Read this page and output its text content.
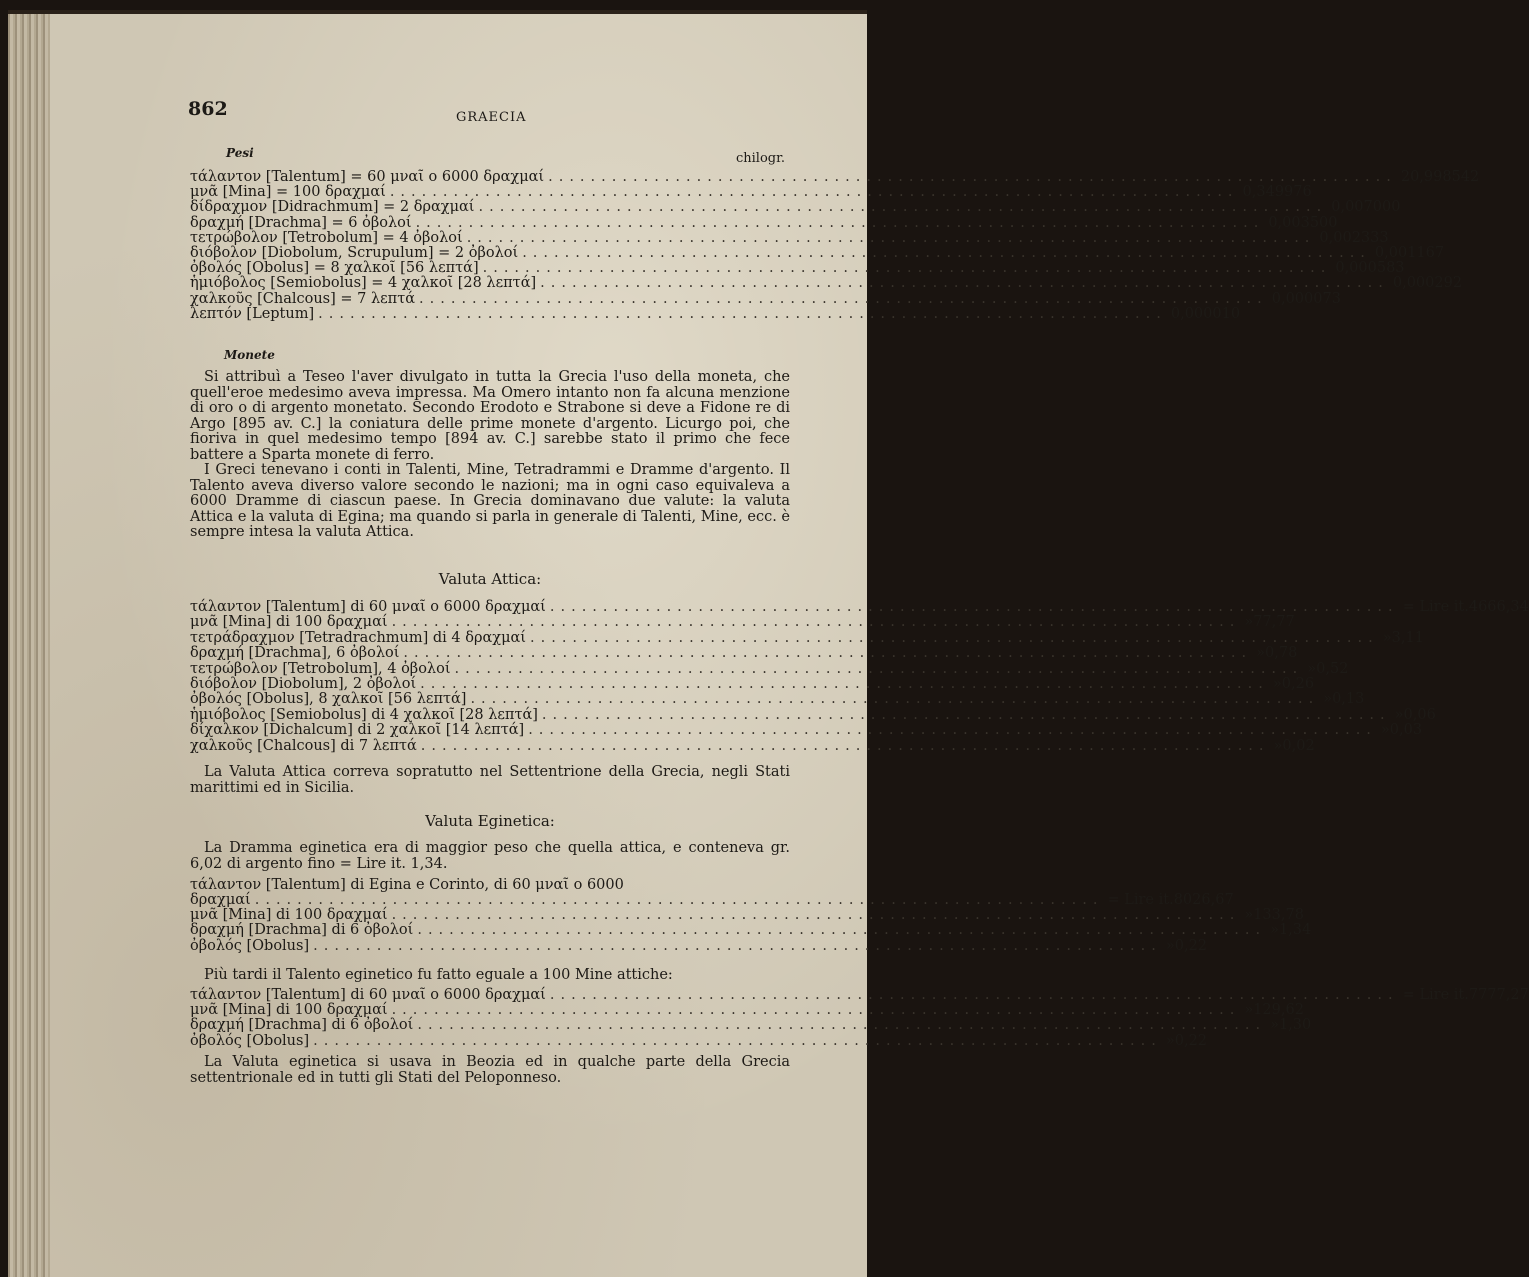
862	GRAECIA
Pesi	chilogr.
τάλαντον [Talentum] = 60 μναῖ o 6000 δραχμαί ................................................................................ 20,998542
μνᾶ [Mina] = 100 δραχμαί ................................................................................ 0,349976
δίδραχμον [Didrachmum] = 2 δραχμαί ................................................................................ 0,007000
δραχμή [Drachma] = 6 ὀβολοί ................................................................................ 0,003500
τετρώβολον [Tetrobolum] = 4 ὀβολοί ................................................................................ 0,002333
διόβολον [Diobolum, Scrupulum] = 2 ὀβολοί ................................................................................ 0,001167
ὀβολός [Obolus] = 8 χαλκοῖ [56 λεπτά] ................................................................................ 0,000583
ἡμιόβολος [Semiobolus] = 4 χαλκοῖ [28 λεπτά] ................................................................................ 0,000292
χαλκοῦς [Chalcous] = 7 λεπτά ................................................................................ 0,000073
λεπτόν [Leptum] ................................................................................ 0,000010
Monete
Si attribuì a Teseo l'aver divulgato in tutta la Grecia l'uso della moneta, che quell'eroe medesimo aveva impressa. Ma Omero intanto non fa alcuna menzione di oro o di argento monetato. Secondo Erodoto e Strabone si deve a Fidone re di Argo [895 av. C.] la coniatura delle prime monete d'argento. Licurgo poi, che fioriva in quel medesimo tempo [894 av. C.] sarebbe stato il primo che fece battere a Sparta monete di ferro.
I Greci tenevano i conti in Talenti, Mine, Tetradrammi e Dramme d'argento. Il Talento aveva diverso valore secondo le nazioni; ma in ogni caso equivaleva a 6000 Dramme di ciascun paese. In Grecia dominavano due valute: la valuta Attica e la valuta di Egina; ma quando si parla in generale di Talenti, Mine, ecc. è sempre intesa la valuta Attica.
Valuta Attica:
τάλαντον [Talentum] di 60 μναῖ o 6000 δραχμαί ................................................................................ = Lire it. 4666,34
μνᾶ [Mina] di 100 δραχμαί ................................................................................ » 77,77
τετράδραχμον [Tetradrachmum] di 4 δραχμαί ................................................................................ » 3,11
δραχμή [Drachma], 6 ὀβολοί ................................................................................ » 0,78
τετρώβολον [Tetrobolum], 4 ὀβολοί ................................................................................ » 0,52
διόβολον [Diobolum], 2 ὀβολοί ................................................................................ » 0,26
ὀβολός [Obolus], 8 χαλκοῖ [56 λεπτά] ................................................................................ » 0,13
ἡμιόβολος [Semiobolus] di 4 χαλκοῖ [28 λεπτά] ................................................................................ » 0,06
δίχαλκον [Dichalcum] di 2 χαλκοῖ [14 λεπτά] ................................................................................ » 0,03
χαλκοῦς [Chalcous] di 7 λεπτά ................................................................................ » 0,02
La Valuta Attica correva sopratutto nel Settentrione della Grecia, negli Stati marittimi ed in Sicilia.
Valuta Eginetica:
La Dramma eginetica era di maggior peso che quella attica, e conteneva gr. 6,02 di argento fino = Lire it. 1,34.
τάλαντον [Talentum] di Egina e Corinto, di 60 μναῖ o 6000
δραχμαί ................................................................................ = Lire it. 8026,67
μνᾶ [Mina] di 100 δραχμαί ................................................................................ » 133,78
δραχμή [Drachma] di 6 ὀβολοί ................................................................................ » 1,34
ὀβολός [Obolus] ................................................................................ » 0,22
Più tardi il Talento eginetico fu fatto eguale a 100 Mine attiche:
τάλαντον [Talentum] di 60 μναῖ o 6000 δραχμαί ................................................................................ = Lire it. 7777,27
μνᾶ [Mina] di 100 δραχμαί ................................................................................ » 129,62
δραχμή [Drachma] di 6 ὀβολοί ................................................................................ » 1,30
ὀβολός [Obolus] ................................................................................ » 0,22
La Valuta eginetica si usava in Beozia ed in qualche parte della Grecia settentrionale ed in tutti gli Stati del Peloponneso.
